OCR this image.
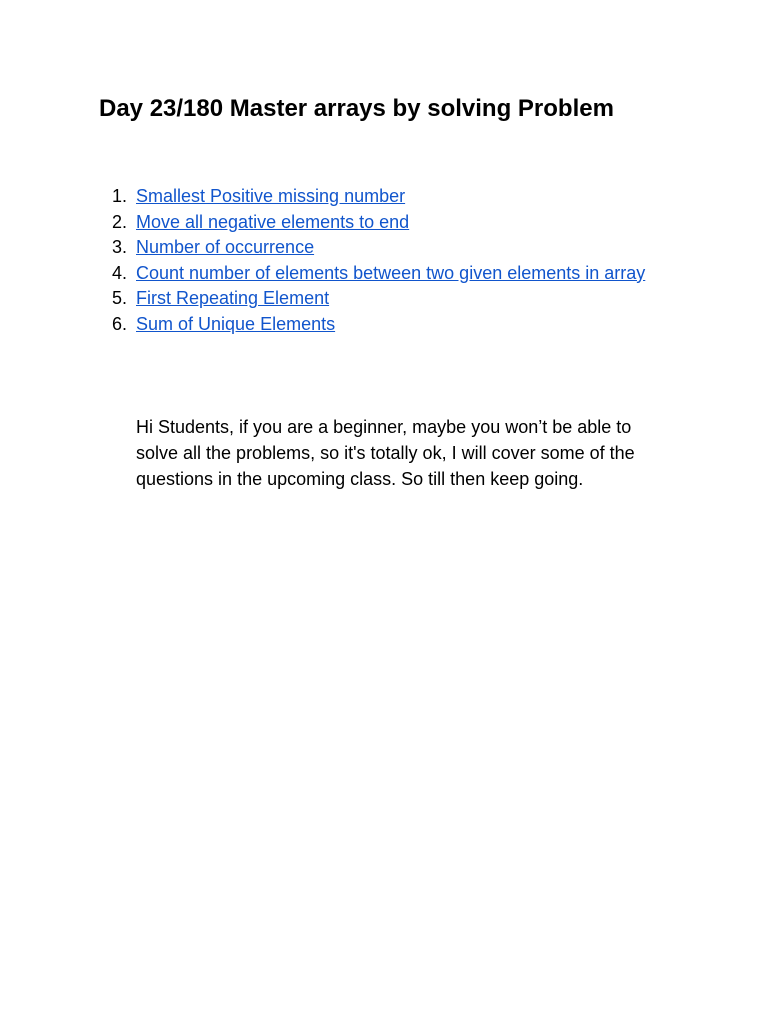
Day 23/180 Master arrays by solving Problem
1. Smallest Positive missing number
2. Move all negative elements to end
3. Number of occurrence
4. Count number of elements between two given elements in array
5. First Repeating Element
6. Sum of Unique Elements

Hi Students, if you are a beginner, maybe you won’t be able to solve all the problems, so it's totally ok, I will cover some of the questions in the upcoming class. So till then keep going.
